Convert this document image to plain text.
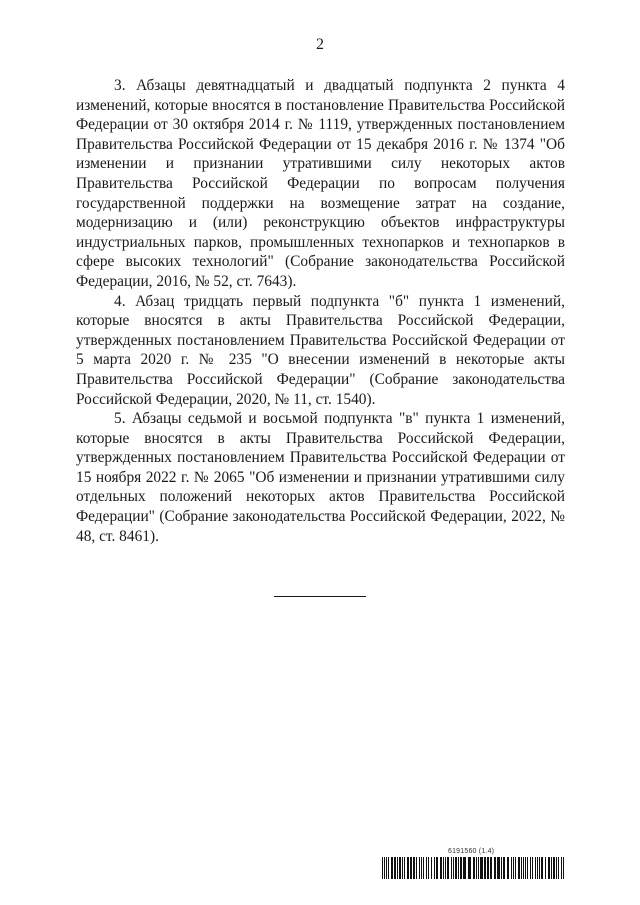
2

3. Абзацы девятнадцатый и двадцатый подпункта 2 пункта 4 изменений, которые вносятся в постановление Правительства Российской Федерации от 30 октября 2014 г. № 1119, утвержденных постановлением Правительства Российской Федерации от 15 декабря 2016 г. № 1374 "Об изменении и признании утратившими силу некоторых актов Правительства Российской Федерации по вопросам получения государственной поддержки на возмещение затрат на создание, модернизацию и (или) реконструкцию объектов инфраструктуры индустриальных парков, промышленных технопарков и технопарков в сфере высоких технологий" (Собрание законодательства Российской Федерации, 2016, № 52, ст. 7643).

4. Абзац тридцать первый подпункта "б" пункта 1 изменений, которые вносятся в акты Правительства Российской Федерации, утвержденных постановлением Правительства Российской Федерации от 5 марта 2020 г. № 235 "О внесении изменений в некоторые акты Правительства Российской Федерации" (Собрание законодательства Российской Федерации, 2020, № 11, ст. 1540).

5. Абзацы седьмой и восьмой подпункта "в" пункта 1 изменений, которые вносятся в акты Правительства Российской Федерации, утвержденных постановлением Правительства Российской Федерации от 15 ноября 2022 г. № 2065 "Об изменении и признании утратившими силу отдельных положений некоторых актов Правительства Российской Федерации" (Собрание законодательства Российской Федерации, 2022, № 48, ст. 8461).

6191560 (1.4)
